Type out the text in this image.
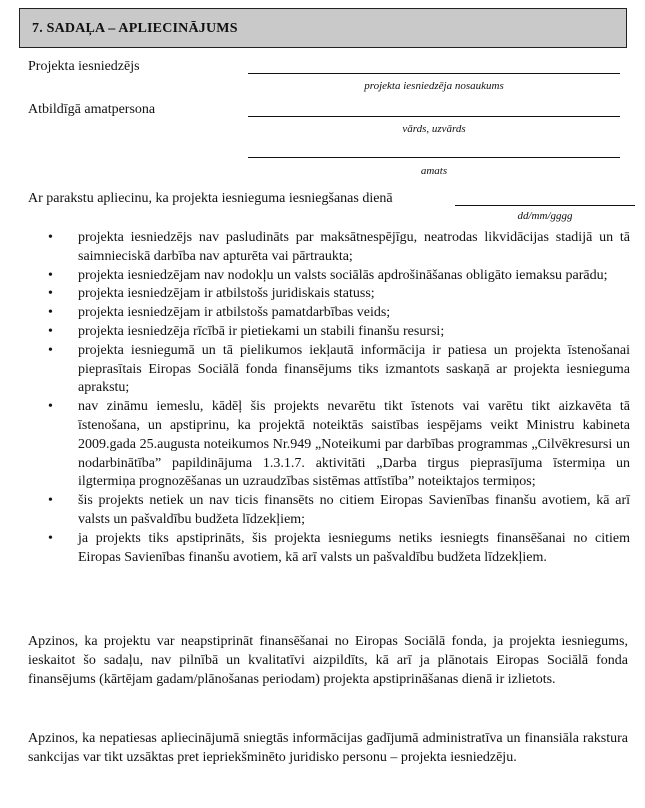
7. SADAĻA – APLIECINĀJUMS
Projekta iesniedzējs
projekta iesniedzēja nosaukums
Atbildīgā amatpersona
vārds, uzvārds
amats
Ar parakstu apliecinu, ka projekta iesnieguma iesniegšanas dienā
dd/mm/gggg
• projekta iesniedzējs nav pasludināts par maksātnespējīgu, neatrodas likvidācijas stadijā un tā saimnieciskā darbība nav apturēta vai pārtraukta;
• projekta iesniedzējam nav nodokļu un valsts sociālās apdrošināšanas obligāto iemaksu parādu;
• projekta iesniedzējam ir atbilstošs juridiskais statuss;
• projekta iesniedzējam ir atbilstošs pamatdarbības veids;
• projekta iesniedzēja rīcībā ir pietiekami un stabili finanšu resursi;
• projekta iesniegumā un tā pielikumos iekļautā informācija ir patiesa un projekta īstenošanai pieprasītais Eiropas Sociālā fonda finansējums tiks izmantots saskaņā ar projekta iesnieguma aprakstu;
• nav zināmu iemeslu, kādēļ šis projekts nevarētu tikt īstenots vai varētu tikt aizkavēta tā īstenošana, un apstiprinu, ka projektā noteiktās saistības iespējams veikt Ministru kabineta 2009.gada 25.augusta noteikumos Nr.949 „Noteikumi par darbības programmas „Cilvēkresursi un nodarbinātība” papildinājuma 1.3.1.7. aktivitāti „Darba tirgus pieprasījuma īstermiņa un ilgtermiņa prognozēšanas un uzraudzības sistēmas attīstība” noteiktajos termiņos;
• šis projekts netiek un nav ticis finansēts no citiem Eiropas Savienības finanšu avotiem, kā arī valsts un pašvaldību budžeta līdzekļiem;
• ja projekts tiks apstiprināts, šis projekta iesniegums netiks iesniegts finansēšanai no citiem Eiropas Savienības finanšu avotiem, kā arī valsts un pašvaldību budžeta līdzekļiem.
Apzinos, ka projektu var neapstiprināt finansēšanai no Eiropas Sociālā fonda, ja projekta iesniegums, ieskaitot šo sadaļu, nav pilnībā un kvalitatīvi aizpildīts, kā arī ja plānotais Eiropas Sociālā fonda finansējums (kārtējam gadam/plānošanas periodam) projekta apstiprināšanas dienā ir izlietots.
Apzinos, ka nepatiesas apliecinājumā sniegtās informācijas gadījumā administratīva un finansiāla rakstura sankcijas var tikt uzsāktas pret iepriekšminēto juridisko personu – projekta iesniedzēju.
